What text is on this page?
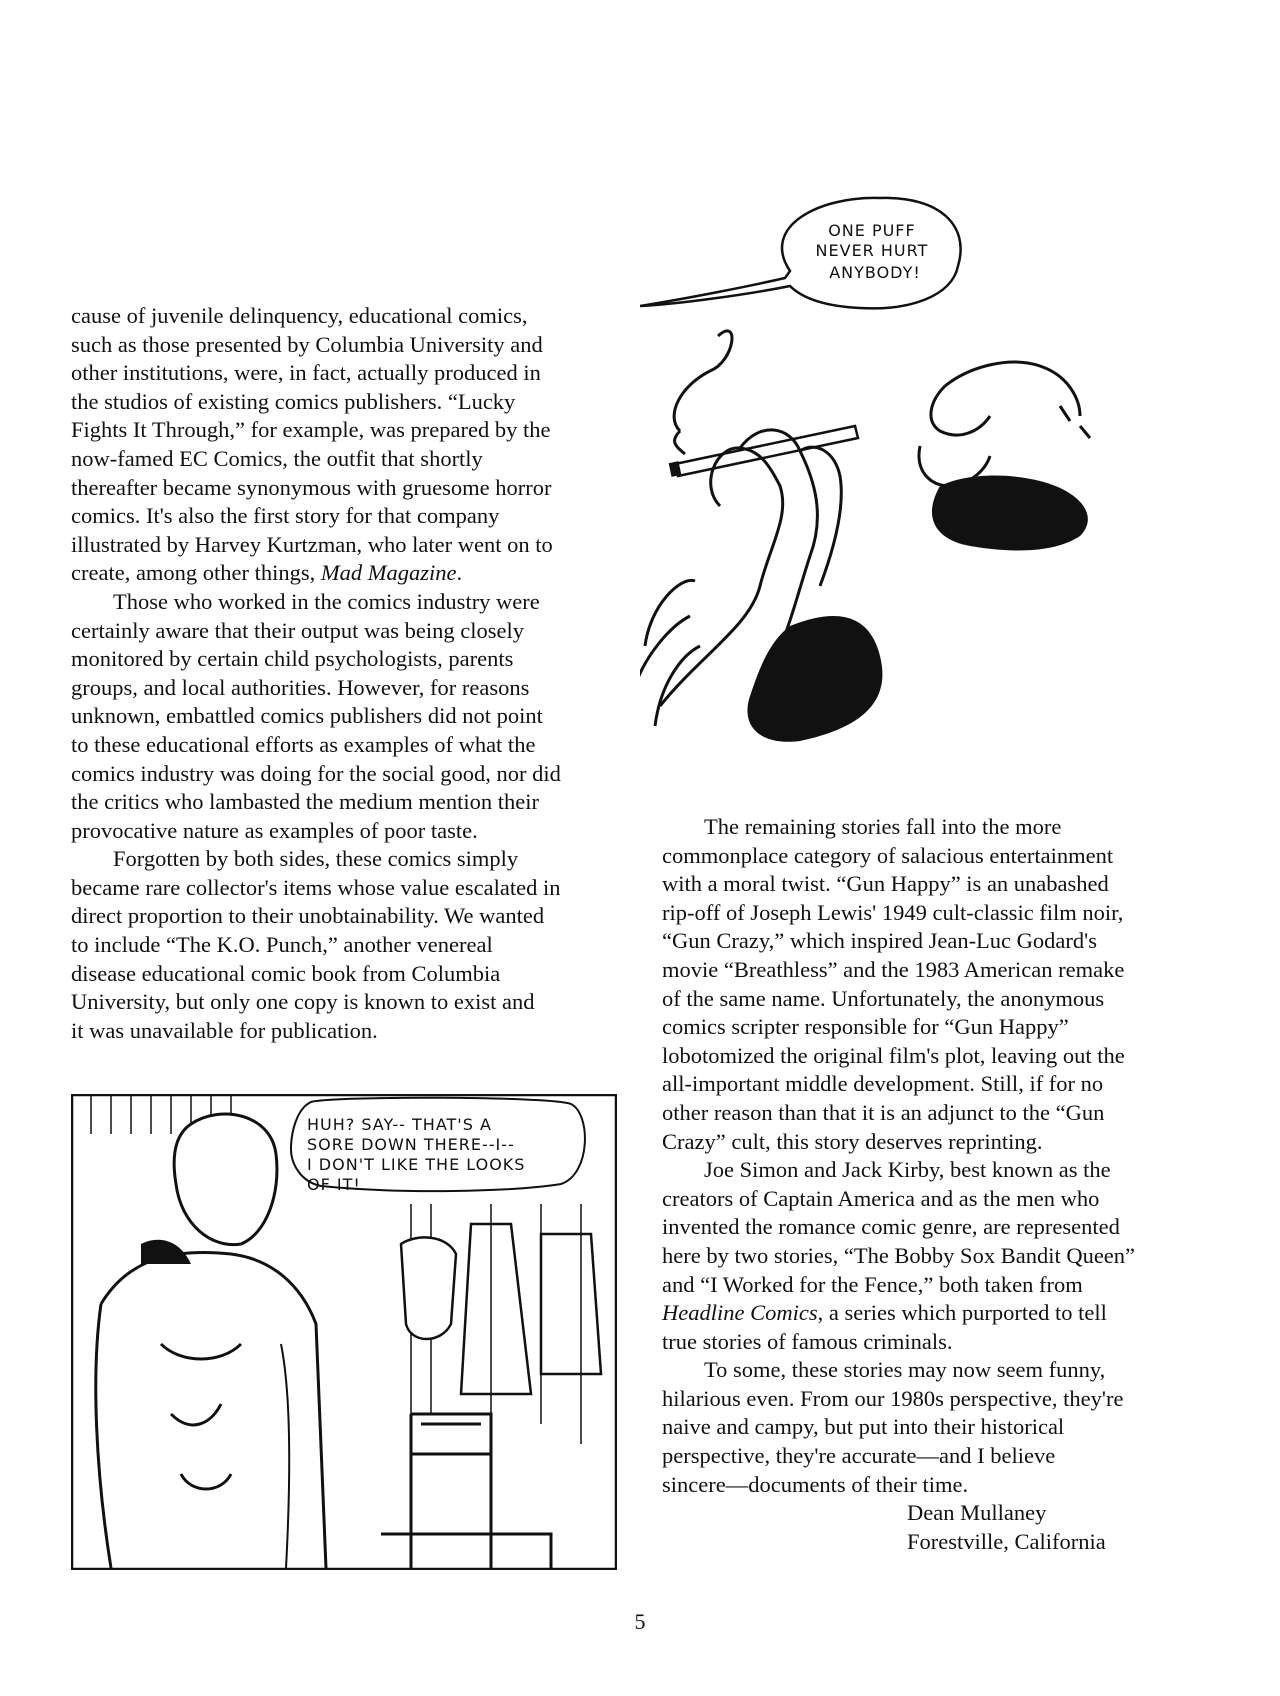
cause of juvenile delinquency, educational comics,
such as those presented by Columbia University and
other institutions, were, in fact, actually produced in
the studios of existing comics publishers. “Lucky
Fights It Through,” for example, was prepared by the
now-famed EC Comics, the outfit that shortly
thereafter became synonymous with gruesome horror
comics. It's also the first story for that company
illustrated by Harvey Kurtzman, who later went on to
create, among other things, Mad Magazine.

Those who worked in the comics industry were
certainly aware that their output was being closely
monitored by certain child psychologists, parents
groups, and local authorities. However, for reasons
unknown, embattled comics publishers did not point
to these educational efforts as examples of what the
comics industry was doing for the social good, nor did
the critics who lambasted the medium mention their
provocative nature as examples of poor taste.

Forgotten by both sides, these comics simply
became rare collector's items whose value escalated in
direct proportion to their unobtainability. We wanted
to include “The K.O. Punch,” another venereal
disease educational comic book from Columbia
University, but only one copy is known to exist and
it was unavailable for publication.

The remaining stories fall into the more
commonplace category of salacious entertainment
with a moral twist. “Gun Happy” is an unabashed
rip-off of Joseph Lewis' 1949 cult-classic film noir,
“Gun Crazy,” which inspired Jean-Luc Godard's
movie “Breathless” and the 1983 American remake
of the same name. Unfortunately, the anonymous
comics scripter responsible for “Gun Happy”
lobotomized the original film's plot, leaving out the
all-important middle development. Still, if for no
other reason than that it is an adjunct to the “Gun
Crazy” cult, this story deserves reprinting.

Joe Simon and Jack Kirby, best known as the
creators of Captain America and as the men who
invented the romance comic genre, are represented
here by two stories, “The Bobby Sox Bandit Queen”
and “I Worked for the Fence,” both taken from
Headline Comics, a series which purported to tell
true stories of famous criminals.

To some, these stories may now seem funny,
hilarious even. From our 1980s perspective, they're
naive and campy, but put into their historical
perspective, they're accurate—and I believe
sincere—documents of their time.

Dean Mullaney
Forestville, California
ONE PUFF NEVER HURT ANYBODY!
HUH? SAY-- THAT'S A SORE DOWN THERE--I-- I DON'T LIKE THE LOOKS OF IT!
5
